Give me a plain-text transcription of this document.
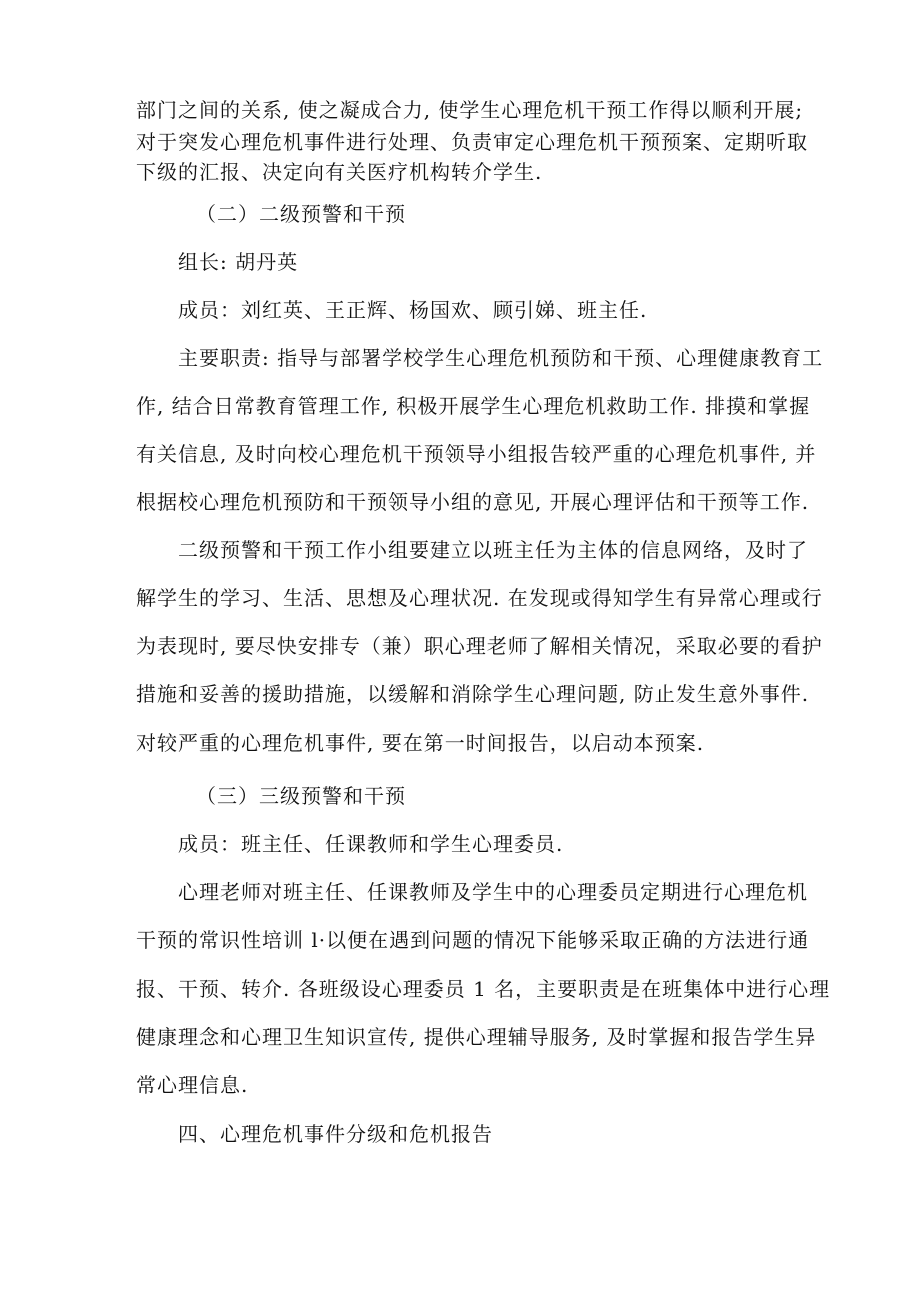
部门之间的关系, 使之凝成合力, 使学生心理危机干预工作得以顺利开展;

对于突发心理危机事件进行处理、负责审定心理危机干预预案、定期听取

下级的汇报、决定向有关医疗机构转介学生.

（二）二级预警和干预

组长: 胡丹英

成员：刘红英、王正辉、杨国欢、顾引娣、班主任.

主要职责: 指导与部署学校学生心理危机预防和干预、心理健康教育工

作, 结合日常教育管理工作, 积极开展学生心理危机救助工作. 排摸和掌握

有关信息, 及时向校心理危机干预领导小组报告较严重的心理危机事件, 并

根据校心理危机预防和干预领导小组的意见, 开展心理评估和干预等工作.

二级预警和干预工作小组要建立以班主任为主体的信息网络，及时了

解学生的学习、生活、思想及心理状况. 在发现或得知学生有异常心理或行

为表现时, 要尽快安排专（兼）职心理老师了解相关情况，采取必要的看护

措施和妥善的援助措施，以缓解和消除学生心理问题, 防止发生意外事件.

对较严重的心理危机事件, 要在第一时间报告，以启动本预案.

（三）三级预警和干预

成员：班主任、任课教师和学生心理委员.

心理老师对班主任、任课教师及学生中的心理委员定期进行心理危机

干预的常识性培训 l·以便在遇到问题的情况下能够采取正确的方法进行通

报、干预、转介. 各班级设心理委员 1 名，主要职责是在班集体中进行心理

健康理念和心理卫生知识宣传, 提供心理辅导服务, 及时掌握和报告学生异

常心理信息.

四、心理危机事件分级和危机报告
